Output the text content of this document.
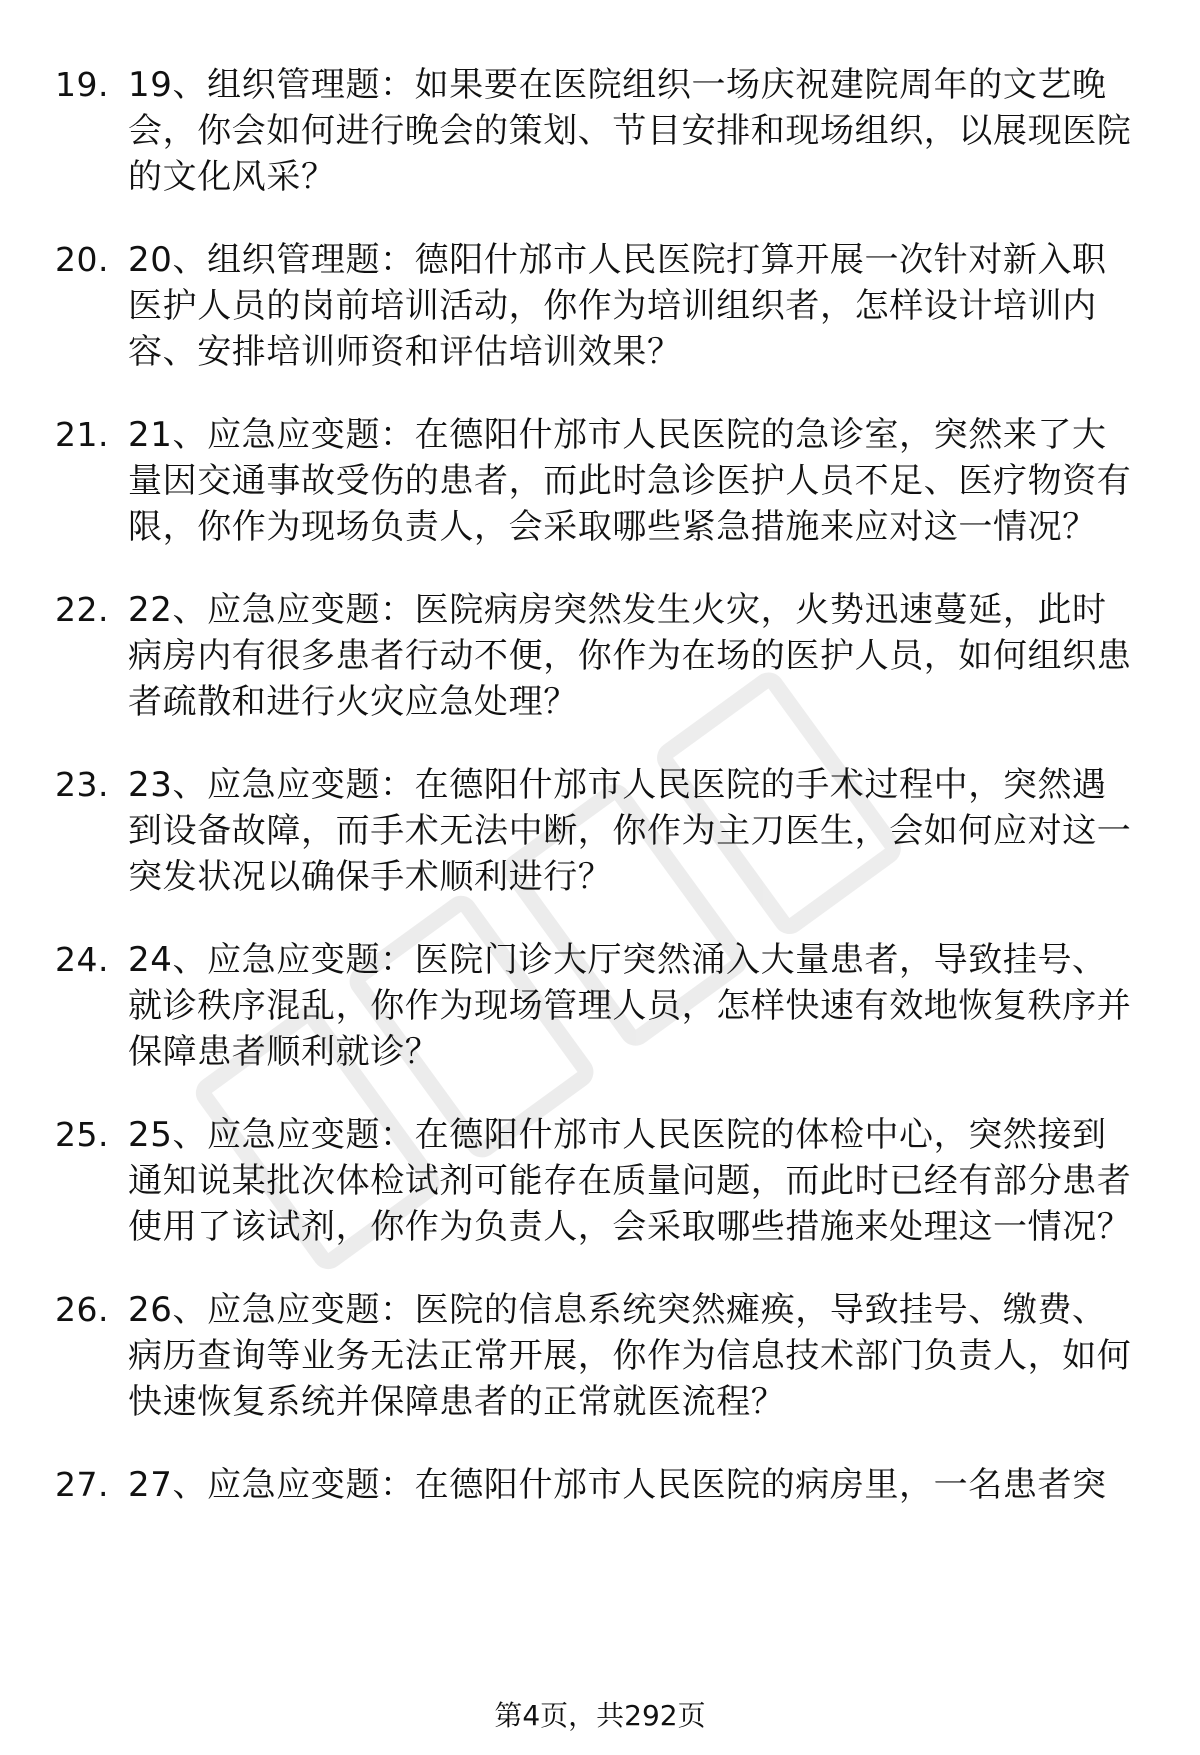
19. 19、组织管理题：如果要在医院组织一场庆祝建院周年的文艺晚会，你会如何进行晚会的策划、节目安排和现场组织，以展现医院的文化风采？
20. 20、组织管理题：德阳什邡市人民医院打算开展一次针对新入职医护人员的岗前培训活动，你作为培训组织者，怎样设计培训内容、安排培训师资和评估培训效果？
21. 21、应急应变题：在德阳什邡市人民医院的急诊室，突然来了大量因交通事故受伤的患者，而此时急诊医护人员不足、医疗物资有限，你作为现场负责人，会采取哪些紧急措施来应对这一情况？
22. 22、应急应变题：医院病房突然发生火灾，火势迅速蔓延，此时病房内有很多患者行动不便，你作为在场的医护人员，如何组织患者疏散和进行火灾应急处理？
23. 23、应急应变题：在德阳什邡市人民医院的手术过程中，突然遇到设备故障，而手术无法中断，你作为主刀医生，会如何应对这一突发状况以确保手术顺利进行？
24. 24、应急应变题：医院门诊大厅突然涌入大量患者，导致挂号、就诊秩序混乱，你作为现场管理人员，怎样快速有效地恢复秩序并保障患者顺利就诊？
25. 25、应急应变题：在德阳什邡市人民医院的体检中心，突然接到通知说某批次体检试剂可能存在质量问题，而此时已经有部分患者使用了该试剂，你作为负责人，会采取哪些措施来处理这一情况？
26. 26、应急应变题：医院的信息系统突然瘫痪，导致挂号、缴费、病历查询等业务无法正常开展，你作为信息技术部门负责人，如何快速恢复系统并保障患者的正常就医流程？
27. 27、应急应变题：在德阳什邡市人民医院的病房里，一名患者突
第4页，共292页
